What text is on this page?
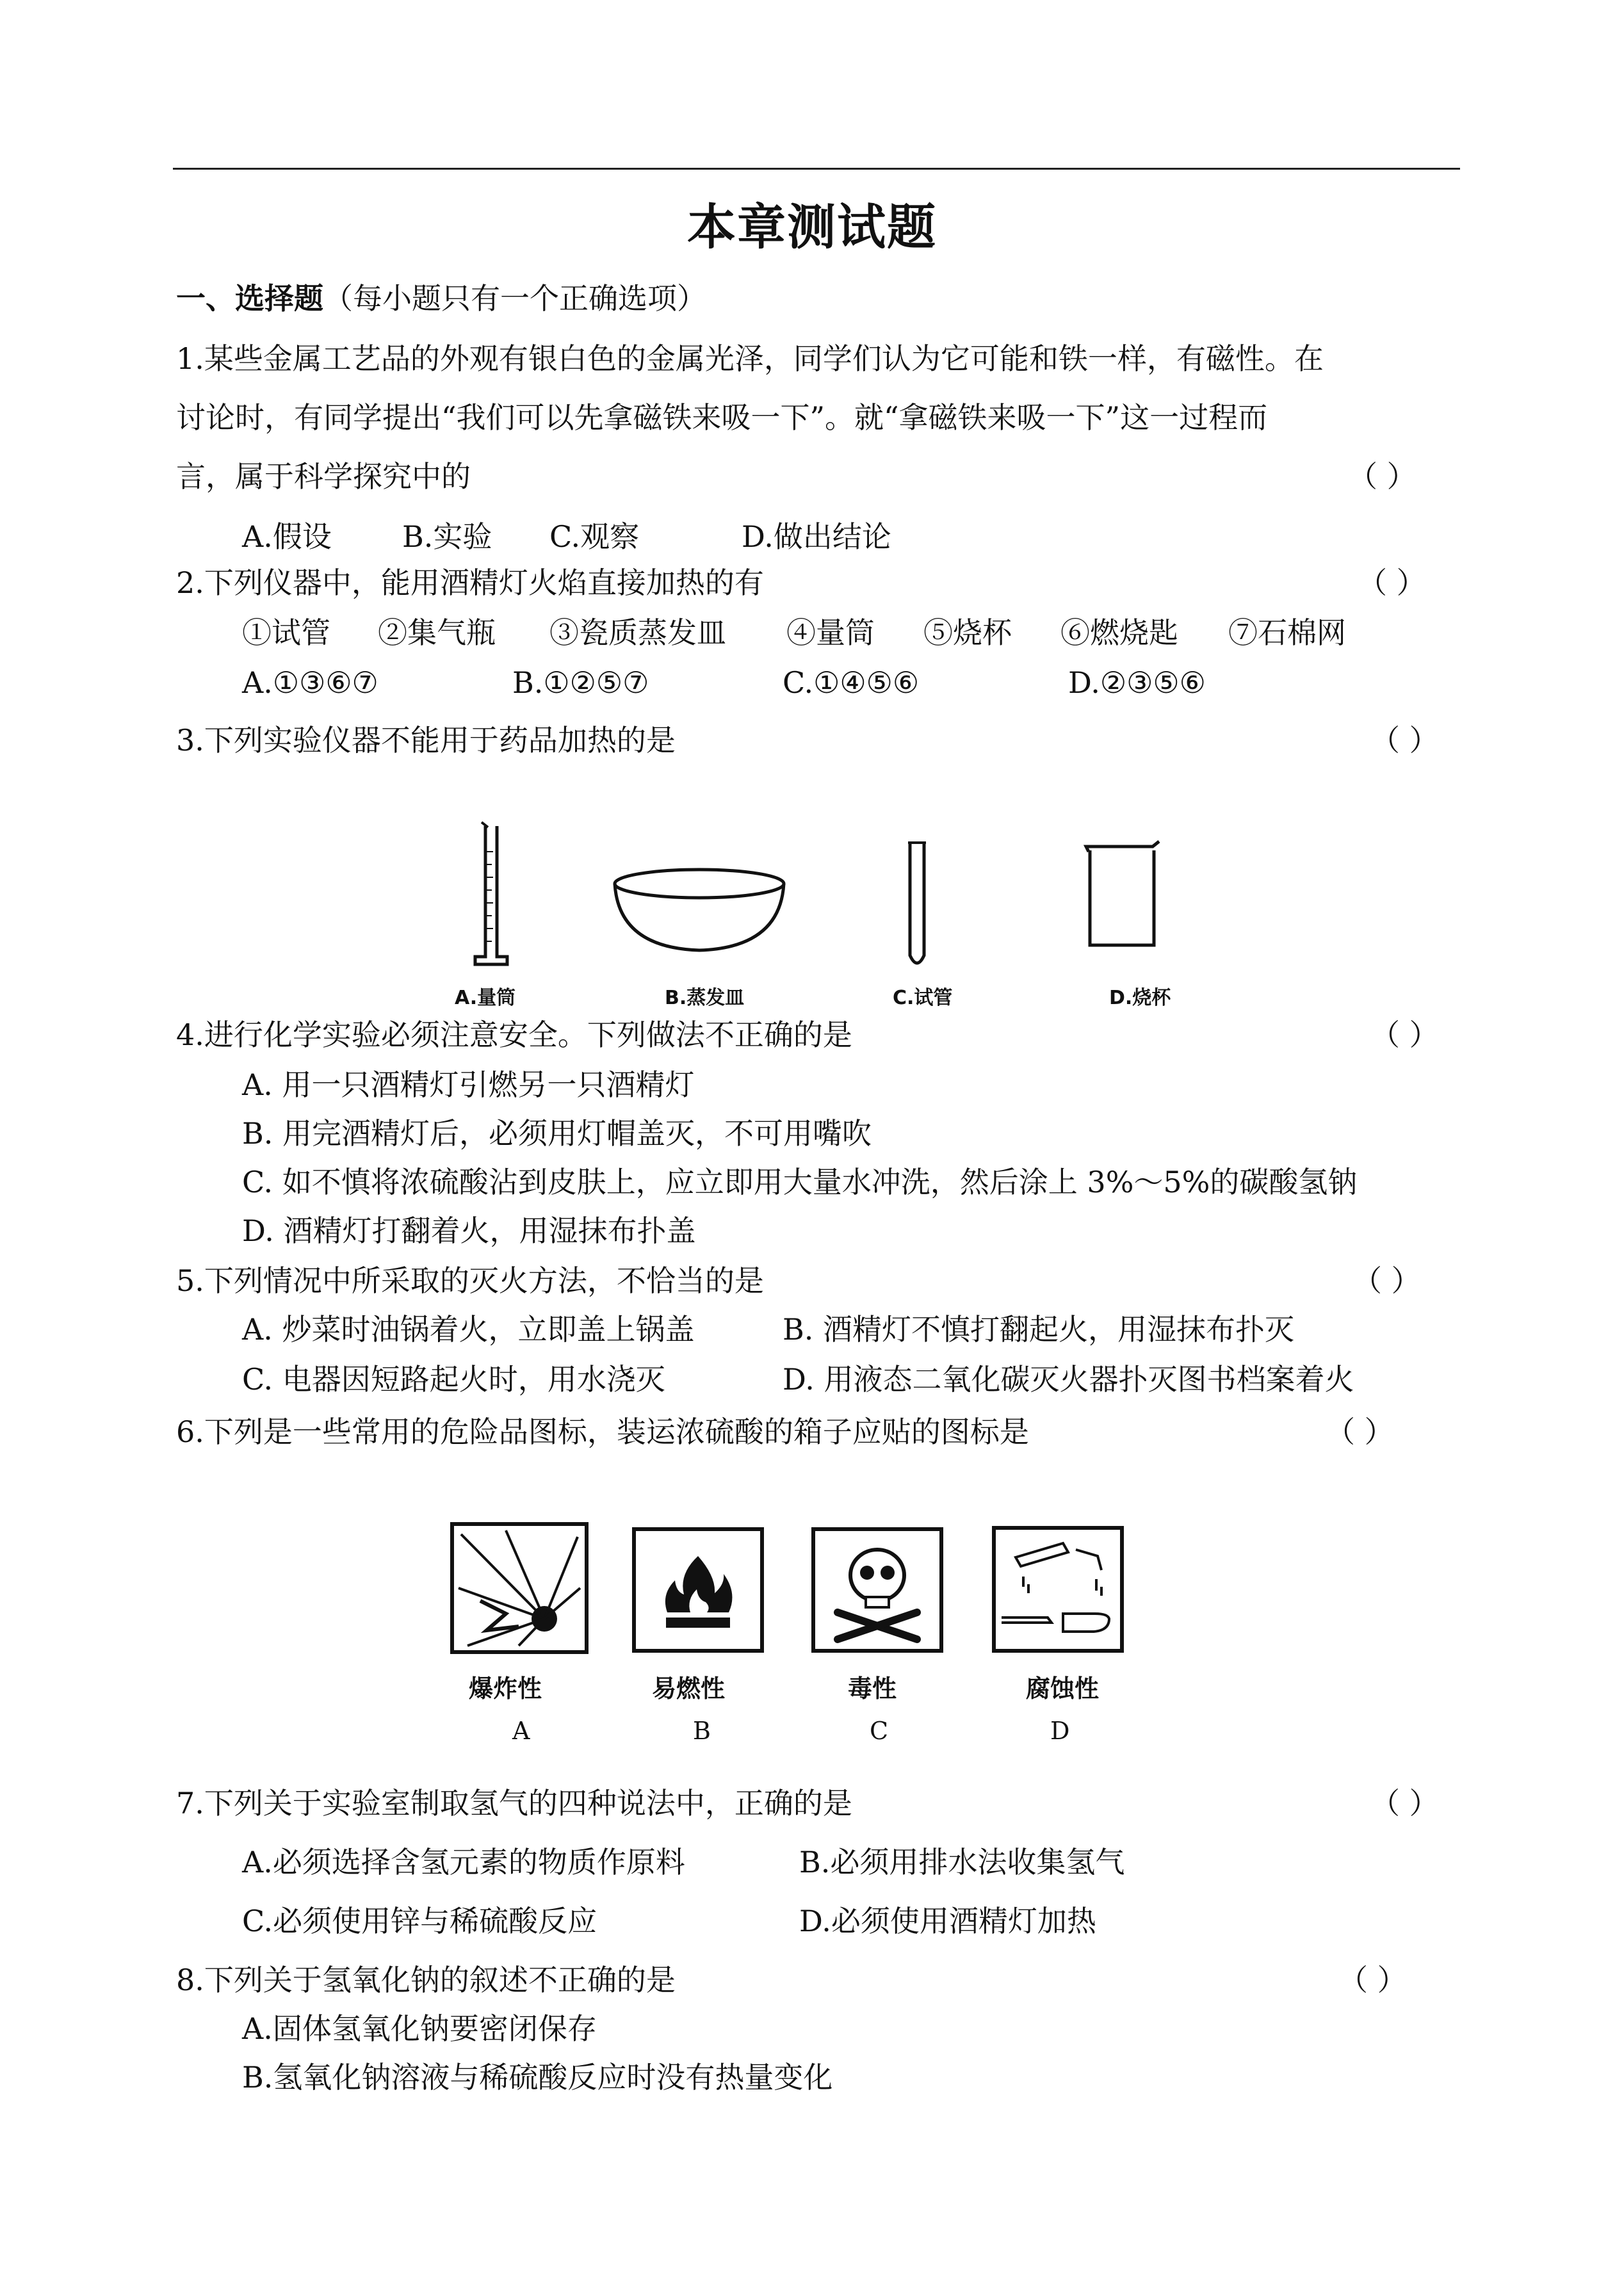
本章测试题
一、选择题（每小题只有一个正确选项）
1.某些金属工艺品的外观有银白色的金属光泽，同学们认为它可能和铁一样，有磁性。在
讨论时，有同学提出“我们可以先拿磁铁来吸一下”。就“拿磁铁来吸一下”这一过程而
言，属于科学探究中的	（ ）
A.假设 B.实验 C.观察	D.做出结论
2.下列仪器中，能用酒精灯火焰直接加热的有	（ ）
①试管 ②集气瓶 ③瓷质蒸发皿 ④量筒 ⑤烧杯 ⑥燃烧匙 ⑦石棉网
A.①③⑥⑦	B.①②⑤⑦	C.①④⑤⑥	D.②③⑤⑥
3.下列实验仪器不能用于药品加热的是	（ ）
A.量筒	B.蒸发皿	C.试管	D.烧杯
4.进行化学实验必须注意安全。下列做法不正确的是	（ ）
A. 用一只酒精灯引燃另一只酒精灯
B. 用完酒精灯后，必须用灯帽盖灭，不可用嘴吹
C. 如不慎将浓硫酸沾到皮肤上，应立即用大量水冲洗，然后涂上 3%～5%的碳酸氢钠
D. 酒精灯打翻着火，用湿抹布扑盖
5.下列情况中所采取的灭火方法，不恰当的是	（ ）
A. 炒菜时油锅着火，立即盖上锅盖	B. 酒精灯不慎打翻起火，用湿抹布扑灭
C. 电器因短路起火时，用水浇灭	D. 用液态二氧化碳灭火器扑灭图书档案着火
6.下列是一些常用的危险品图标，装运浓硫酸的箱子应贴的图标是	（ ）
爆炸性
A
易燃性
B
毒性
C
腐蚀性
D
7.下列关于实验室制取氢气的四种说法中，正确的是	（ ）
A.必须选择含氢元素的物质作原料	B.必须用排水法收集氢气
C.必须使用锌与稀硫酸反应	D.必须使用酒精灯加热
8.下列关于氢氧化钠的叙述不正确的是	（ ）
A.固体氢氧化钠要密闭保存
B.氢氧化钠溶液与稀硫酸反应时没有热量变化
